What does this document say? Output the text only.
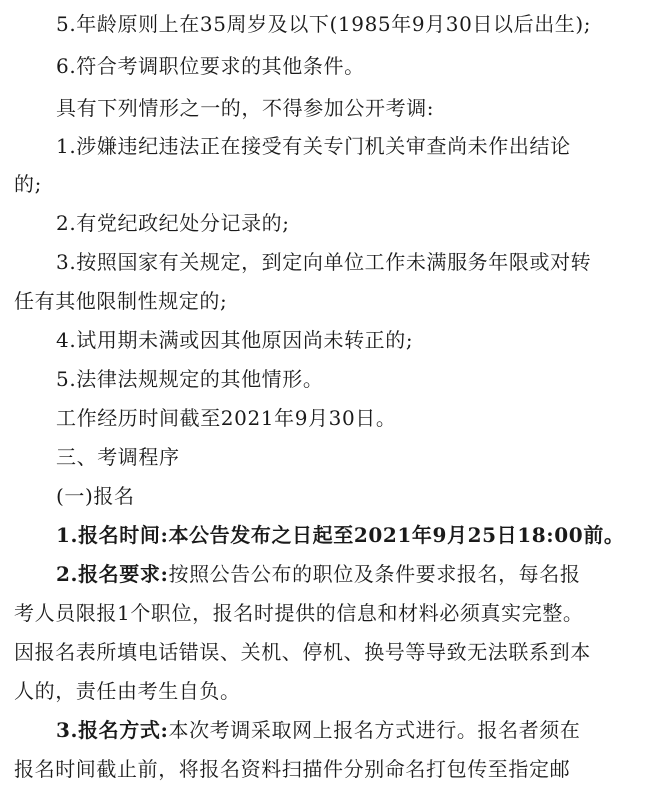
5.年龄原则上在35周岁及以下(1985年9月30日以后出生);
6.符合考调职位要求的其他条件。
具有下列情形之一的，不得参加公开考调:
1.涉嫌违纪违法正在接受有关专门机关审查尚未作出结论
的;
2.有党纪政纪处分记录的;
3.按照国家有关规定，到定向单位工作未满服务年限或对转
任有其他限制性规定的;
4.试用期未满或因其他原因尚未转正的;
5.法律法规规定的其他情形。
工作经历时间截至2021年9月30日。
三、考调程序
(一)报名
1.报名时间:本公告发布之日起至2021年9月25日18:00前。
2.报名要求:按照公告公布的职位及条件要求报名，每名报
考人员限报1个职位，报名时提供的信息和材料必须真实完整。
因报名表所填电话错误、关机、停机、换号等导致无法联系到本
人的，责任由考生自负。
3.报名方式:本次考调采取网上报名方式进行。报名者须在
报名时间截止前，将报名资料扫描件分别命名打包传至指定邮
